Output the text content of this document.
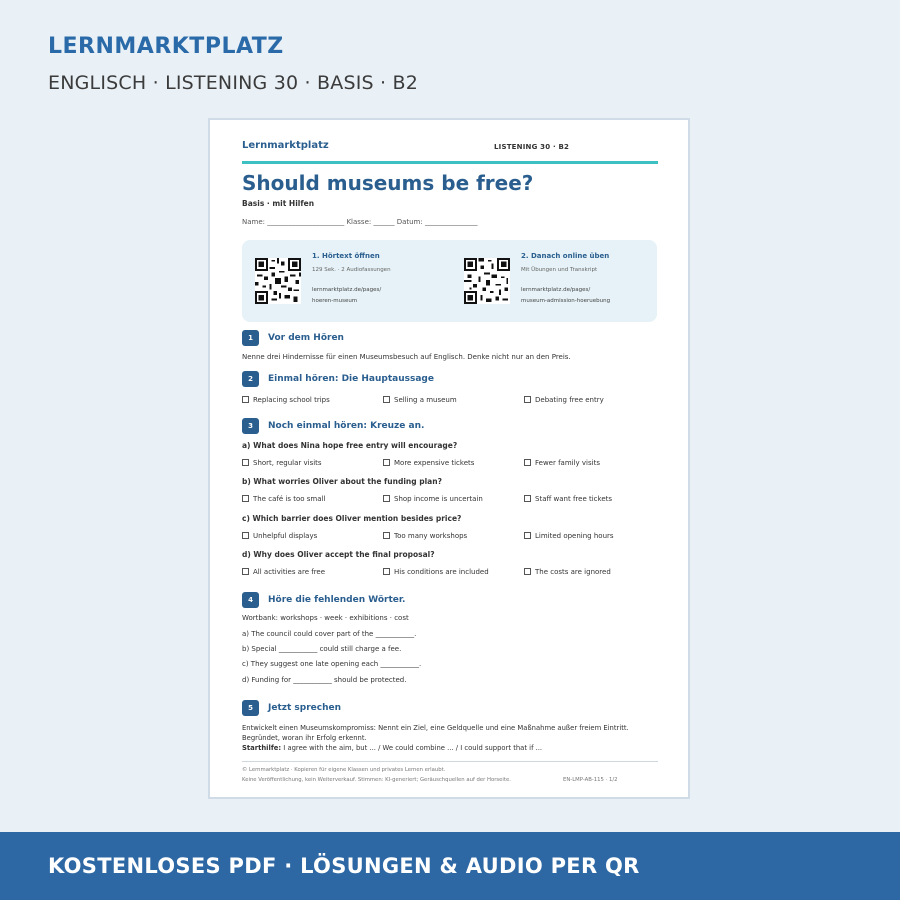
LERNMARKTPLATZ
ENGLISCH · LISTENING 30 · BASIS · B2
Lernmarktplatz	LISTENING 30 · B2
Should museums be free?
Basis · mit Hilfen
Name: ______________________ Klasse: ______ Datum: _______________
1. Hörtext öffnen
129 Sek. · 2 Audiofassungen
lernmarktplatz.de/pages/
hoeren-museum
2. Danach online üben
Mit Übungen und Transkript
lernmarktplatz.de/pages/
museum-admission-hoeruebung
1	Vor dem Hören
Nenne drei Hindernisse für einen Museumsbesuch auf Englisch. Denke nicht nur an den Preis.
2	Einmal hören: Die Hauptaussage
Replacing school trips	Selling a museum	Debating free entry
3	Noch einmal hören: Kreuze an.
a) What does Nina hope free entry will encourage?
Short, regular visits	More expensive tickets	Fewer family visits
b) What worries Oliver about the funding plan?
The café is too small	Shop income is uncertain	Staff want free tickets
c) Which barrier does Oliver mention besides price?
Unhelpful displays	Too many workshops	Limited opening hours
d) Why does Oliver accept the final proposal?
All activities are free	His conditions are included	The costs are ignored
4	Höre die fehlenden Wörter.
Wortbank: workshops · week · exhibitions · cost
a) The council could cover part of the ___________.
b) Special ___________ could still charge a fee.
c) They suggest one late opening each ___________.
d) Funding for ___________ should be protected.
5	Jetzt sprechen
Entwickelt einen Museumskompromiss: Nennt ein Ziel, eine Geldquelle und eine Maßnahme außer freiem Eintritt. Begründet, woran ihr Erfolg erkennt.
Starthilfe: I agree with the aim, but ... / We could combine ... / I could support that if ...
© Lernmarktplatz · Kopieren für eigene Klassen und privates Lernen erlaubt.
Keine Veröffentlichung, kein Weiterverkauf. Stimmen: KI-generiert; Geräuschquellen auf der Horseite.	EN-LMP-AB-115 · 1/2
KOSTENLOSES PDF · LÖSUNGEN & AUDIO PER QR
